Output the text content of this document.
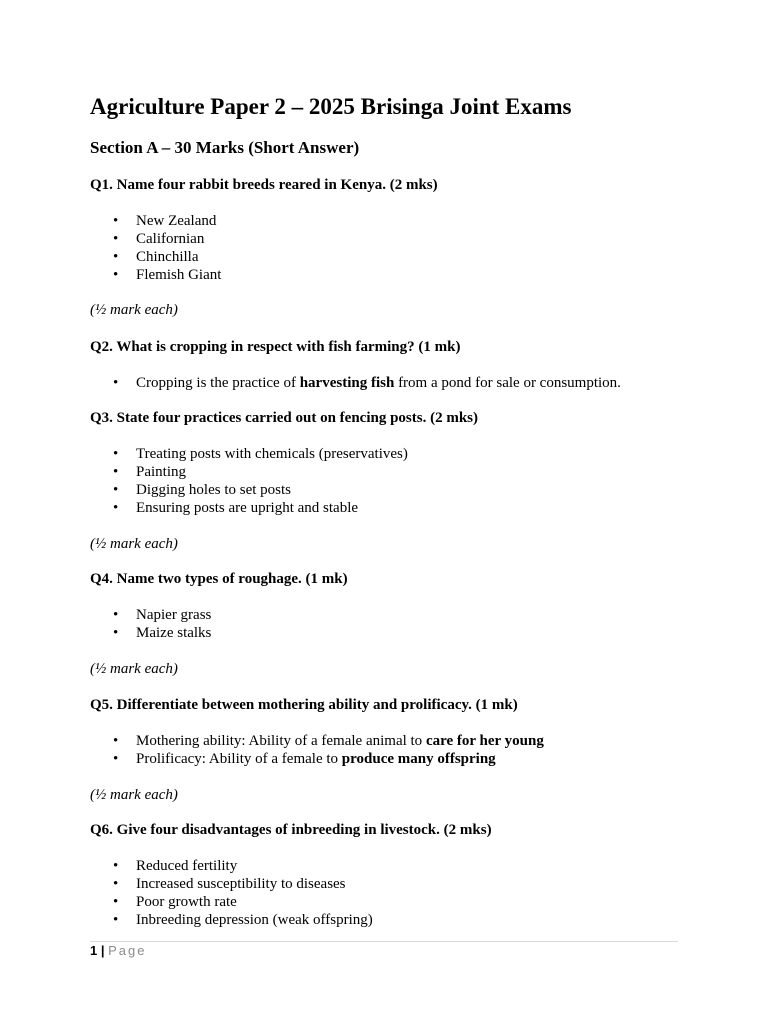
Agriculture Paper 2 – 2025 Brisinga Joint Exams
Section A – 30 Marks (Short Answer)
Q1. Name four rabbit breeds reared in Kenya. (2 mks)
• New Zealand
• Californian
• Chinchilla
• Flemish Giant
(½ mark each)
Q2. What is cropping in respect with fish farming? (1 mk)
• Cropping is the practice of harvesting fish from a pond for sale or consumption.
Q3. State four practices carried out on fencing posts. (2 mks)
• Treating posts with chemicals (preservatives)
• Painting
• Digging holes to set posts
• Ensuring posts are upright and stable
(½ mark each)
Q4. Name two types of roughage. (1 mk)
• Napier grass
• Maize stalks
(½ mark each)
Q5. Differentiate between mothering ability and prolificacy. (1 mk)
• Mothering ability: Ability of a female animal to care for her young
• Prolificacy: Ability of a female to produce many offspring
(½ mark each)
Q6. Give four disadvantages of inbreeding in livestock. (2 mks)
• Reduced fertility
• Increased susceptibility to diseases
• Poor growth rate
• Inbreeding depression (weak offspring)
1 | Page
